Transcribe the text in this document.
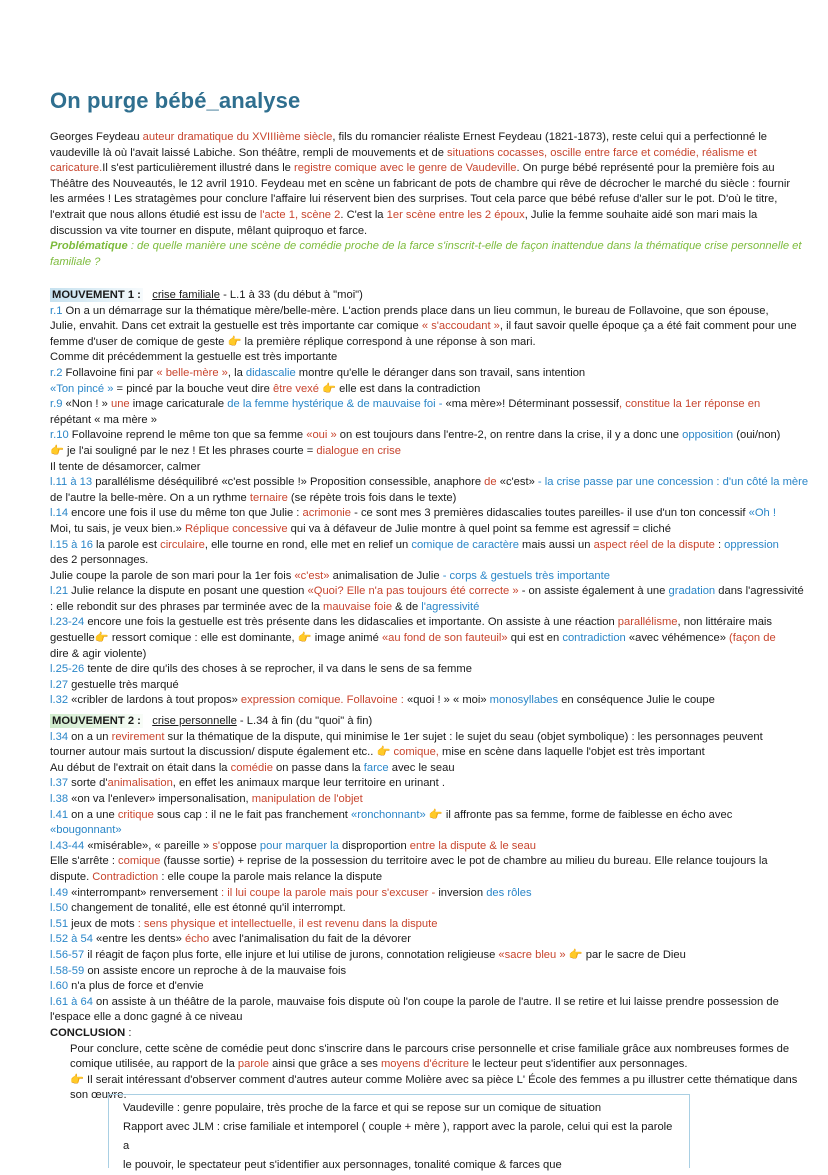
On purge bébé_analyse
Georges Feydeau auteur dramatique du XVIIIième siècle, fils du romancier réaliste Ernest Feydeau (1821-1873), reste celui qui a perfectionné le
vaudeville là où l'avait laissé Labiche. Son théâtre, rempli de mouvements et de situations cocasses, oscille entre farce et comédie, réalisme et
caricature.Il s'est particulièrement illustré dans le registre comique avec le genre de Vaudeville. On purge bébé représenté pour la première fois au
Théâtre des Nouveautés, le 12 avril 1910. Feydeau met en scène un fabricant de pots de chambre qui rêve de décrocher le marché du siècle : fournir
les armées ! Les stratagèmes pour conclure l'affaire lui réservent bien des surprises. Tout cela parce que bébé refuse d'aller sur le pot. D'où le titre,
l'extrait que nous allons étudié est issu de l'acte 1, scène 2. C'est la 1er scène entre les 2 époux, Julie la femme souhaite aidé son mari mais la
discussion va vite tourner en dispute, mêlant quiproquo et farce.
Problématique : de quelle manière une scène de comédie proche de la farce s'inscrit-t-elle de façon inattendue dans la thématique crise personnelle et
familiale ?
MOUVEMENT 1 : crise familiale - L.1 à 33 (du début à "moi")
r.1 On a un démarrage sur la thématique mère/belle-mère. L'action prends place dans un lieu commun, le bureau de Follavoine, que son épouse,
Julie, envahit. Dans cet extrait la gestuelle est très importante car comique « s'accoudant », il faut savoir quelle époque ça a été fait comment pour une
femme d'user de comique de geste 👉 la première réplique correspond à une réponse à son mari.
Comme dit précédemment la gestuelle est très importante
r.2 Follavoine fini par « belle-mère », la didascalie montre qu'elle le déranger dans son travail, sans intention
«Ton pincé » = pincé par la bouche veut dire être vexé 👉 elle est dans la contradiction
r.9 «Non ! » une image caricaturale de la femme hystérique & de mauvaise foi - «ma mère»! Déterminant possessif, constitue la 1er réponse en
répétant « ma mère »
r.10 Follavoine reprend le même ton que sa femme «oui » on est toujours dans l'entre-2, on rentre dans la crise, il y a donc une opposition (oui/non)
👉 je l'ai souligné par le nez ! Et les phrases courte = dialogue en crise
Il tente de désamorcer, calmer
l.11 à 13 parallélisme déséquilibré «c'est possible !» Proposition consessible, anaphore de «c'est» - la crise passe par une concession : d'un côté la mère
de l'autre la belle-mère. On a un rythme ternaire (se répète trois fois dans le texte)
l.14 encore une fois il use du même ton que Julie : acrimonie - ce sont mes 3 premières didascalies toutes pareilles- il use d'un ton concessif «Oh !
Moi, tu sais, je veux bien.» Réplique concessive qui va à défaveur de Julie montre à quel point sa femme est agressif = cliché
l.15 à 16 la parole est circulaire, elle tourne en rond, elle met en relief un comique de caractère mais aussi un aspect réel de la dispute : oppression
des 2 personnages.
Julie coupe la parole de son mari pour la 1er fois «c'est» animalisation de Julie - corps & gestuels très importante
l.21 Julie relance la dispute en posant une question «Quoi? Elle n'a pas toujours été correcte » - on assiste également à une gradation dans l'agressivité
: elle rebondit sur des phrases par terminée avec de la mauvaise foie & de l'agressivité
l.23-24 encore une fois la gestuelle est très présente dans les didascalies et importante. On assiste à une réaction parallélisme, non littéraire mais
gestuelle👉 ressort comique : elle est dominante, 👉 image animé «au fond de son fauteuil» qui est en contradiction «avec véhémence» (façon de
dire & agir violente)
l.25-26 tente de dire qu'ils des choses à se reprocher, il va dans le sens de sa femme
l.27 gestuelle très marqué
l.32 «cribler de lardons à tout propos» expression comique. Follavoine : «quoi ! » « moi» monosyllabes en conséquence Julie le coupe
MOUVEMENT 2 : crise personnelle - L.34 à fin (du "quoi" à fin)
l.34 on a un revirement sur la thématique de la dispute, qui minimise le 1er sujet : le sujet du seau (objet symbolique) : les personnages peuvent
tourner autour mais surtout la discussion/ dispute également etc.. 👉 comique, mise en scène dans laquelle l'objet est très important
Au début de l'extrait on était dans la comédie on passe dans la farce avec le seau
l.37 sorte d'animalisation, en effet les animaux marque leur territoire en urinant .
l.38 «on va l'enlever» impersonalisation, manipulation de l'objet
l.41 on a une critique sous cap : il ne le fait pas franchement «ronchonnant» 👉 il affronte pas sa femme, forme de faiblesse en écho avec
«bougonnant»
l.43-44 «misérable», « pareille » s'oppose pour marquer la disproportion entre la dispute & le seau
Elle s'arrête : comique (fausse sortie) + reprise de la possession du territoire avec le pot de chambre au milieu du bureau. Elle relance toujours la
dispute. Contradiction : elle coupe la parole mais relance la dispute
l.49 «interrompant» renversement : il lui coupe la parole mais pour s'excuser - inversion des rôles
l.50 changement de tonalité, elle est étonné qu'il interrompt.
l.51 jeux de mots : sens physique et intellectuelle, il est revenu dans la dispute
l.52 à 54 «entre les dents» écho avec l'animalisation du fait de la dévorer
l.56-57 il réagit de façon plus forte, elle injure et lui utilise de jurons, connotation religieuse «sacre bleu » 👉 par le sacre de Dieu
l.58-59 on assiste encore un reproche à de la mauvaise fois
l.60 n'a plus de force et d'envie
l.61 à 64 on assiste à un théâtre de la parole, mauvaise fois dispute où l'on coupe la parole de l'autre. Il se retire et lui laisse prendre possession de
l'espace elle a donc gagné à ce niveau
CONCLUSION :
Pour conclure, cette scène de comédie peut donc s'inscrire dans le parcours crise personnelle et crise familiale grâce aux nombreuses formes de
comique utilisée, au rapport de la parole ainsi que grâce a ses moyens d'écriture le lecteur peut s'identifier aux personnages.
👉 Il serait intéressant d'observer comment d'autres auteur comme Molière avec sa pièce L' École des femmes a pu illustrer cette thématique dans
son œuvre.
Vaudeville : genre populaire, très proche de la farce et qui se repose sur un comique de situation
Rapport avec JLM : crise familiale et intemporel ( couple + mère ), rapport avec la parole, celui qui est la parole a
le pouvoir, le spectateur peut s'identifier aux personnages, tonalité comique & farces que
